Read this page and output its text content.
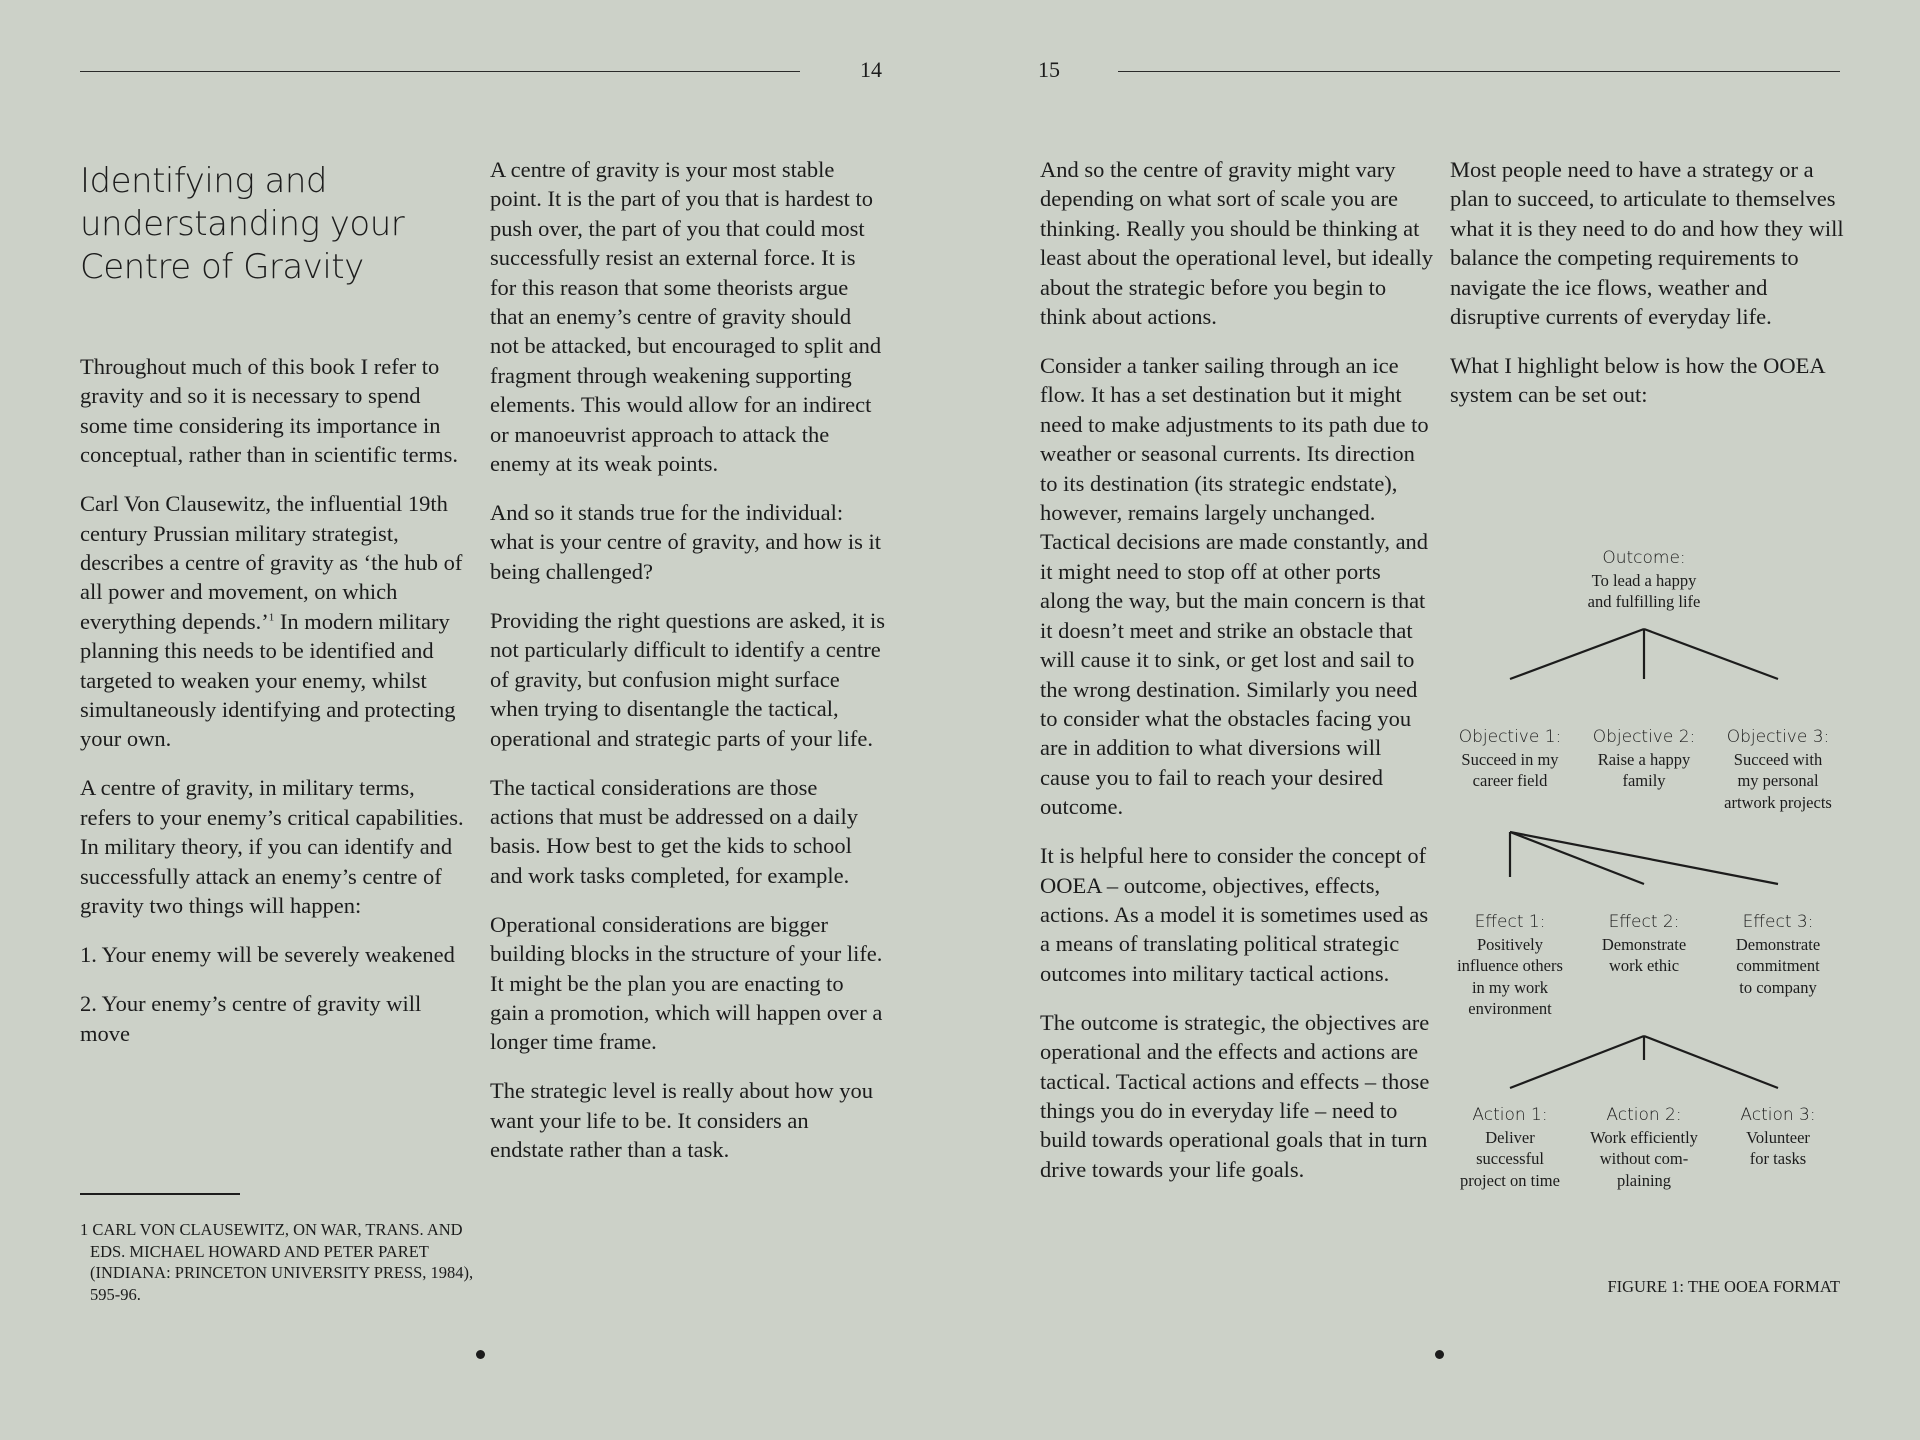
14	15
Identifying and
understanding your
Centre of Gravity

Throughout much of this book I refer to gravity and so it is necessary to spend some time considering its importance in conceptual, rather than in scientific terms.

Carl Von Clausewitz, the influential 19th century Prussian military strategist, describes a centre of gravity as ‘the hub of all power and movement, on which everything depends.’$^1$ In modern military planning this needs to be identified and targeted to weaken your enemy, whilst simultaneously identifying and protecting your own.

A centre of gravity, in military terms, refers to your enemy’s critical capabilities. In military theory, if you can identify and successfully attack an enemy’s centre of gravity two things will happen:

1. Your enemy will be severely weakened

2. Your enemy’s centre of gravity will move

1 CARL VON CLAUSEWITZ, ON WAR, TRANS. AND
EDS. MICHAEL HOWARD AND PETER PARET (INDIANA: PRINCETON UNIVERSITY PRESS, 1984), 595-96.

A centre of gravity is your most stable point. It is the part of you that is hardest to push over, the part of you that could most successfully resist an external force. It is for this reason that some theorists argue that an enemy’s centre of gravity should not be attacked, but encouraged to split and fragment through weakening supporting elements. This would allow for an indirect or manoeuvrist approach to attack the enemy at its weak points.

And so it stands true for the individual: what is your centre of gravity, and how is it being challenged?

Providing the right questions are asked, it is not particularly difficult to identify a centre of gravity, but confusion might surface when trying to disentangle the tactical, operational and strategic parts of your life.

The tactical considerations are those actions that must be addressed on a daily basis. How best to get the kids to school and work tasks completed, for example.

Operational considerations are bigger building blocks in the structure of your life. It might be the plan you are enacting to gain a promotion, which will happen over a longer time frame.

The strategic level is really about how you want your life to be. It considers an endstate rather than a task.

And so the centre of gravity might vary depending on what sort of scale you are thinking. Really you should be thinking at least about the operational level, but ideally about the strategic before you begin to think about actions.

Consider a tanker sailing through an ice flow. It has a set destination but it might need to make adjustments to its path due to weather or seasonal currents. Its direction to its destination (its strategic endstate), however, remains largely unchanged. Tactical decisions are made constantly, and it might need to stop off at other ports along the way, but the main concern is that it doesn’t meet and strike an obstacle that will cause it to sink, or get lost and sail to the wrong destination. Similarly you need to consider what the obstacles facing you are in addition to what diversions will cause you to fail to reach your desired outcome.

It is helpful here to consider the concept of OOEA – outcome, objectives, effects, actions. As a model it is sometimes used as a means of translating political strategic outcomes into military tactical actions.

The outcome is strategic, the objectives are operational and the effects and actions are tactical. Tactical actions and effects – those things you do in everyday life – need to build towards operational goals that in turn drive towards your life goals.

Most people need to have a strategy or a plan to succeed, to articulate to themselves what it is they need to do and how they will balance the competing requirements to navigate the ice flows, weather and disruptive currents of everyday life.

What I highlight below is how the OOEA system can be set out:

Outcome:
To lead a happy
and fulfilling life
Objective 1:
Succeed in my
career field
Objective 2:
Raise a happy
family
Objective 3:
Succeed with
my personal
artwork projects
Effect 1:
Positively
influence others
in my work
environment
Effect 2:
Demonstrate
work ethic
Effect 3:
Demonstrate
commitment
to company
Action 1:
Deliver
successful
project on time
Action 2:
Work efficiently
without com-
plaining
Action 3:
Volunteer
for tasks
FIGURE 1: THE OOEA FORMAT
